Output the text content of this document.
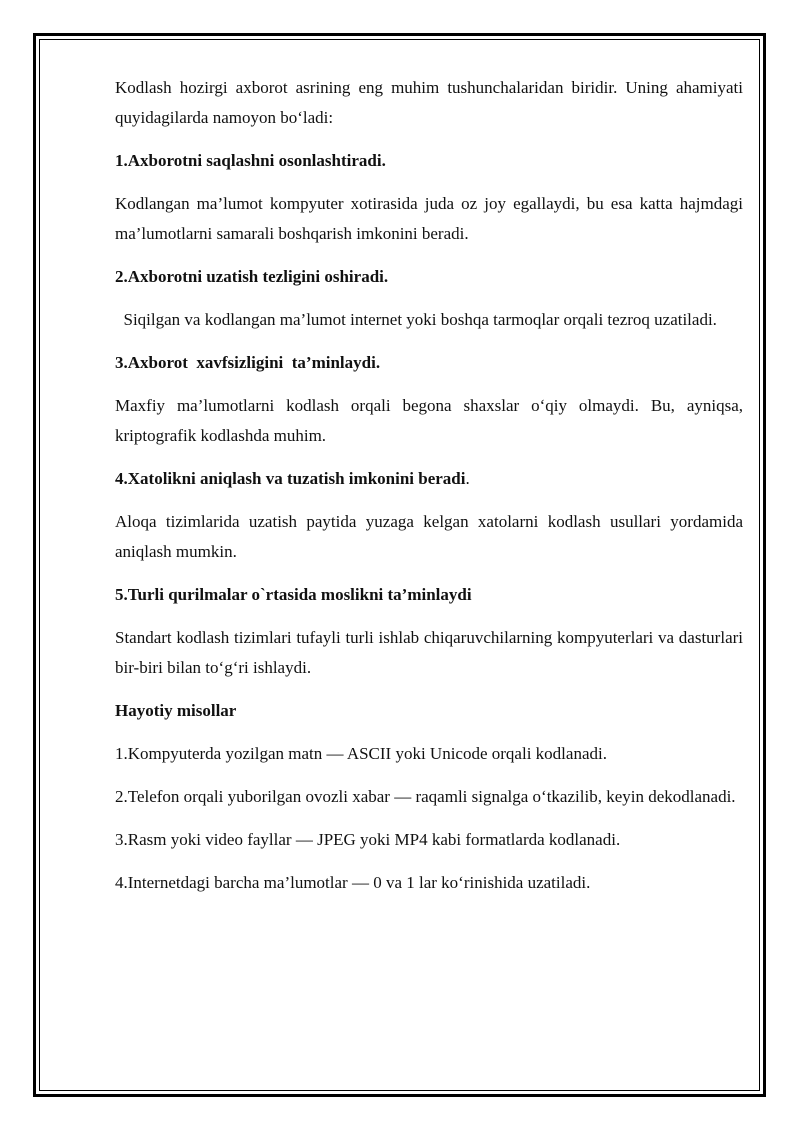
Kodlash hozirgi axborot asrining eng muhim tushunchalaridan biridir. Uning ahamiyati quyidagilarda namoyon bo‘ladi:

1.Axborotni saqlashni osonlashtiradi.

Kodlangan ma’lumot kompyuter xotirasida juda oz joy egallaydi, bu esa katta hajmdagi ma’lumotlarni samarali boshqarish imkonini beradi.

2.Axborotni uzatish tezligini oshiradi.

Siqilgan va kodlangan ma’lumot internet yoki boshqa tarmoqlar orqali tezroq uzatiladi.

3.Axborot  xavfsizligini  ta’minlaydi.

Maxfiy ma’lumotlarni kodlash orqali begona shaxslar o‘qiy olmaydi. Bu, ayniqsa, kriptografik kodlashda muhim.

4.Xatolikni aniqlash va tuzatish imkonini beradi.

Aloqa tizimlarida uzatish paytida yuzaga kelgan xatolarni kodlash usullari yordamida aniqlash mumkin.

5.Turli qurilmalar o`rtasida moslikni ta’minlaydi

Standart kodlash tizimlari tufayli turli ishlab chiqaruvchilarning kompyuterlari va dasturlari bir-biri bilan to‘g‘ri ishlaydi.

Hayotiy misollar

1.Kompyuterda yozilgan matn — ASCII yoki Unicode orqali kodlanadi.

2.Telefon orqali yuborilgan ovozli xabar — raqamli signalga o‘tkazilib, keyin dekodlanadi.

3.Rasm yoki video fayllar — JPEG yoki MP4 kabi formatlarda kodlanadi.

4.Internetdagi barcha ma’lumotlar — 0 va 1 lar ko‘rinishida uzatiladi.
